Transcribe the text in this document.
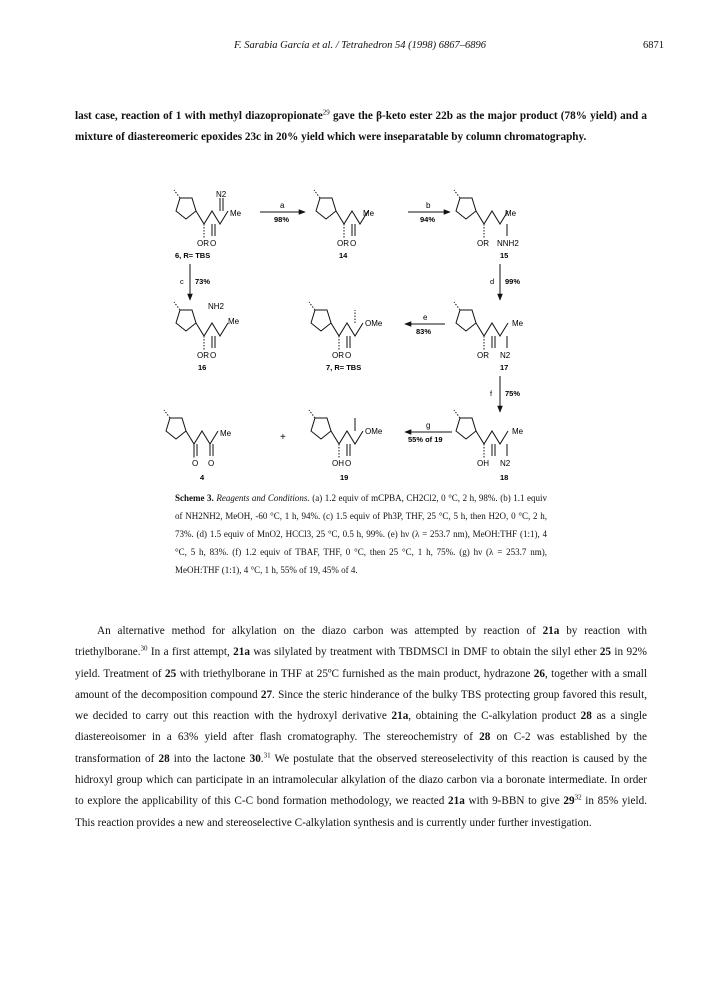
F. Sarabia García et al. / Tetrahedron 54 (1998) 6867–6896	6871

last case, reaction of 1 with methyl diazopropionate$^{29}$ gave the β-keto ester 22b as the major product (78% yield) and a mixture of diastereomeric epoxides 23c in 20% yield which were inseparatable by column chromatography.

N2
Me
OR O
6, R= TBS
a
98%
Me
OR O
14
b
94%
Me
OR NNH2
15
c 73%	d 99%
NH2
Me
OR O
16
OMe
OR O
7, R= TBS
e
83%
Me
OR N2
17
f 75%
Me
O O
4
+
OMe
OH O
19
g
55% of 19
Me
OH N2
18

Scheme 3. Reagents and Conditions. (a) 1.2 equiv of mCPBA, CH2Cl2, 0 °C, 2 h, 98%. (b) 1.1 equiv of NH2NH2, MeOH, -60 °C, 1 h, 94%. (c) 1.5 equiv of Ph3P, THF, 25 °C, 5 h, then H2O, 0 °C, 2 h, 73%. (d) 1.5 equiv of MnO2, HCCl3, 25 °C, 0.5 h, 99%. (e) hν (λ = 253.7 nm), MeOH:THF (1:1), 4 °C, 5 h, 83%. (f) 1.2 equiv of TBAF, THF, 0 °C, then 25 °C, 1 h, 75%. (g) hν (λ = 253.7 nm), MeOH:THF (1:1), 4 °C, 1 h, 55% of 19, 45% of 4.

An alternative method for alkylation on the diazo carbon was attempted by reaction of 21a by reaction with triethylborane.$^{30}$ In a first attempt, 21a was silylated by treatment with TBDMSCl in DMF to obtain the silyl ether 25 in 92% yield. Treatment of 25 with triethylborane in THF at 25ºC furnished as the main product, hydrazone 26, together with a small amount of the decomposition compound 27. Since the steric hinderance of the bulky TBS protecting group favored this result, we decided to carry out this reaction with the hydroxyl derivative 21a, obtaining the C-alkylation product 28 as a single diastereoisomer in a 63% yield after flash cromatography. The stereochemistry of 28 on C-2 was established by the transformation of 28 into the lactone 30.31 We postulate that the observed stereoselectivity of this reaction is caused by the hidroxyl group which can participate in an intramolecular alkylation of the diazo carbon via a boronate intermediate. In order to explore the applicability of this C-C bond formation methodology, we reacted 21a with 9-BBN to give $29^{32}$ in 85% yield. This reaction provides a new and stereoselective C-alkylation synthesis and is currently under further investigation.
